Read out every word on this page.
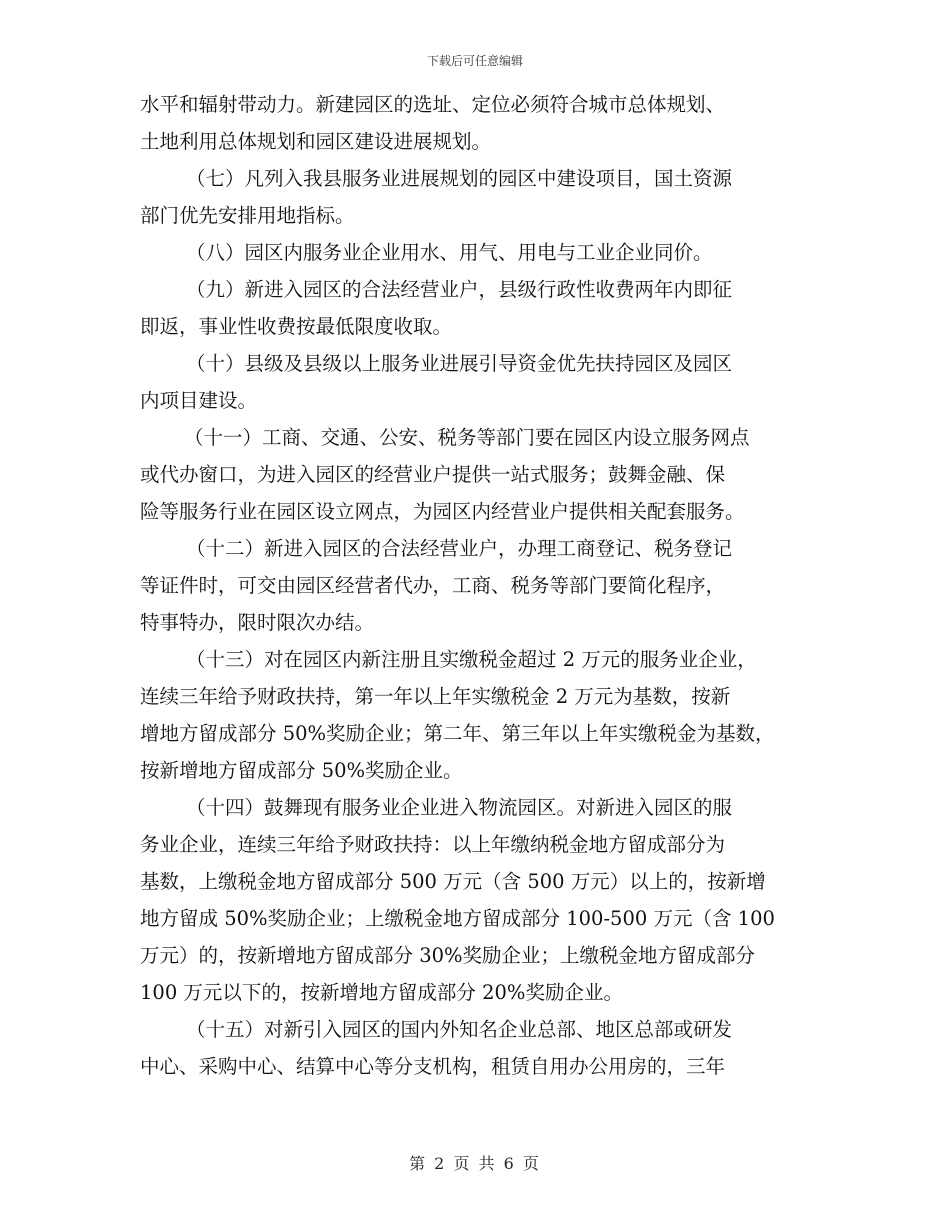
下载后可任意编辑
水平和辐射带动力。新建园区的选址、定位必须符合城市总体规划、
土地利用总体规划和园区建设进展规划。
（七）凡列入我县服务业进展规划的园区中建设项目，国土资源
部门优先安排用地指标。
（八）园区内服务业企业用水、用气、用电与工业企业同价。
（九）新进入园区的合法经营业户，县级行政性收费两年内即征
即返，事业性收费按最低限度收取。
（十）县级及县级以上服务业进展引导资金优先扶持园区及园区
内项目建设。
（十一）工商、交通、公安、税务等部门要在园区内设立服务网点
或代办窗口，为进入园区的经营业户提供一站式服务；鼓舞金融、保
险等服务行业在园区设立网点，为园区内经营业户提供相关配套服务。
（十二）新进入园区的合法经营业户，办理工商登记、税务登记
等证件时，可交由园区经营者代办，工商、税务等部门要简化程序，
特事特办，限时限次办结。
（十三）对在园区内新注册且实缴税金超过 2 万元的服务业企业，
连续三年给予财政扶持，第一年以上年实缴税金 2 万元为基数，按新
增地方留成部分 50%奖励企业；第二年、第三年以上年实缴税金为基数，
按新增地方留成部分 50%奖励企业。
（十四）鼓舞现有服务业企业进入物流园区。对新进入园区的服
务业企业，连续三年给予财政扶持：以上年缴纳税金地方留成部分为
基数，上缴税金地方留成部分 500 万元（含 500 万元）以上的，按新增
地方留成 50%奖励企业；上缴税金地方留成部分 100-500 万元（含 100
万元）的，按新增地方留成部分 30%奖励企业；上缴税金地方留成部分
100 万元以下的，按新增地方留成部分 20%奖励企业。
（十五）对新引入园区的国内外知名企业总部、地区总部或研发
中心、采购中心、结算中心等分支机构，租赁自用办公用房的，三年
第 2 页 共 6 页
